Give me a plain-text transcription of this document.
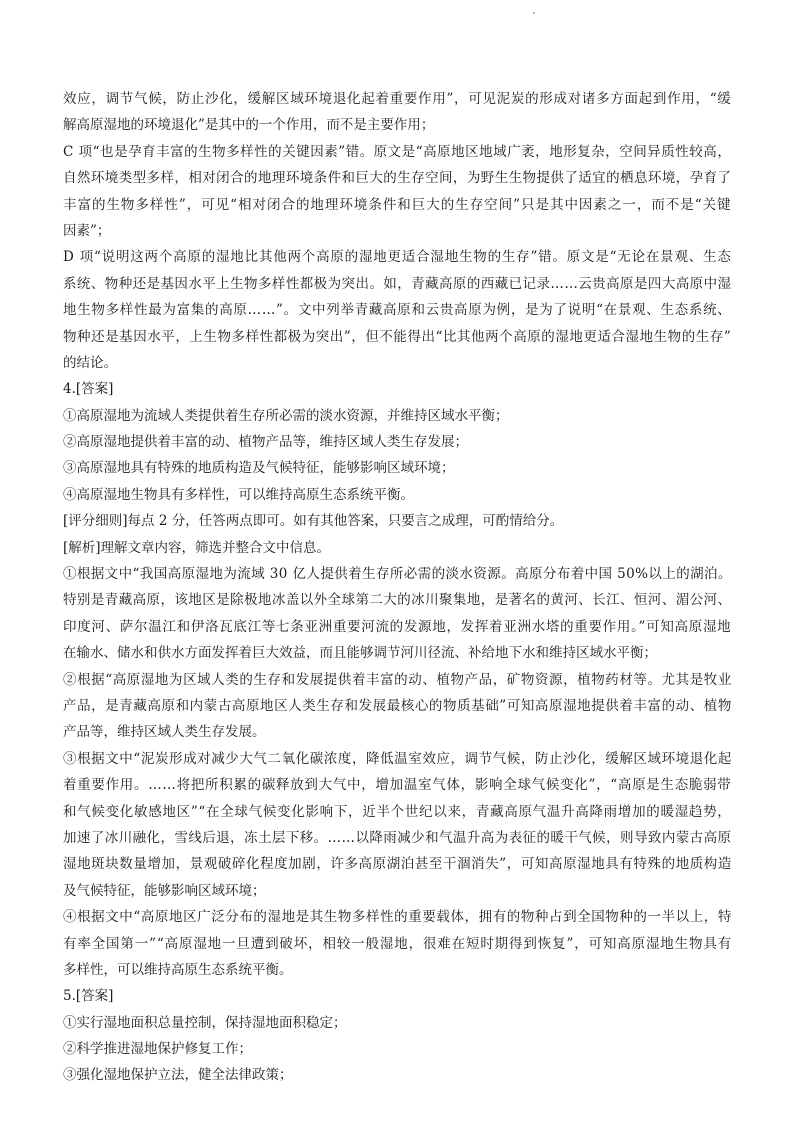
效应，调节气候，防止沙化，缓解区域环境退化起着重要作用”，可见泥炭的形成对诸多方面起到作用，“缓
解高原湿地的环境退化”是其中的一个作用，而不是主要作用；
C 项“也是孕育丰富的生物多样性的关键因素”错。原文是“高原地区地域广袤，地形复杂，空间异质性较高，
自然环境类型多样，相对闭合的地理环境条件和巨大的生存空间，为野生生物提供了适宜的栖息环境，孕育了
丰富的生物多样性”，可见“相对闭合的地理环境条件和巨大的生存空间”只是其中因素之一，而不是“关键
因素”；
D 项“说明这两个高原的湿地比其他两个高原的湿地更适合湿地生物的生存”错。原文是“无论在景观、生态
系统、物种还是基因水平上生物多样性都极为突出。如，青藏高原的西藏已记录……云贵高原是四大高原中湿
地生物多样性最为富集的高原……”。文中列举青藏高原和云贵高原为例，是为了说明“在景观、生态系统、
物种还是基因水平，上生物多样性都极为突出”，但不能得出“比其他两个高原的湿地更适合湿地生物的生存”
的结论。
4.[答案]
①高原湿地为流域人类提供着生存所必需的淡水资源，并维持区域水平衡；
②高原湿地提供着丰富的动、植物产品等，维持区域人类生存发展；
③高原湿地具有特殊的地质构造及气候特征，能够影响区域环境；
④高原湿地生物具有多样性，可以维持高原生态系统平衡。
[评分细则]每点 2 分，任答两点即可。如有其他答案，只要言之成理，可酌情给分。
[解析]理解文章内容，筛选并整合文中信息。
①根据文中“我国高原湿地为流域 30 亿人提供着生存所必需的淡水资源。高原分布着中国 50%以上的湖泊。
特别是青藏高原，该地区是除极地冰盖以外全球第二大的冰川聚集地，是著名的黄河、长江、恒河、湄公河、
印度河、萨尔温江和伊洛瓦底江等七条亚洲重要河流的发源地，发挥着亚洲水塔的重要作用。”可知高原湿地
在输水、储水和供水方面发挥着巨大效益，而且能够调节河川径流、补给地下水和维持区域水平衡；
②根据“高原湿地为区域人类的生存和发展提供着丰富的动、植物产品，矿物资源，植物药材等。尤其是牧业
产品，是青藏高原和内蒙古高原地区人类生存和发展最核心的物质基础”可知高原湿地提供着丰富的动、植物
产品等，维持区域人类生存发展。
③根据文中“泥炭形成对减少大气二氧化碳浓度，降低温室效应，调节气候，防止沙化，缓解区域环境退化起
着重要作用。……将把所积累的碳释放到大气中，增加温室气体，影响全球气候变化”，“高原是生态脆弱带
和气候变化敏感地区”“在全球气候变化影响下，近半个世纪以来，青藏高原气温升高降雨增加的暖湿趋势，
加速了冰川融化，雪线后退，冻土层下移。……以降雨减少和气温升高为表征的暖干气候，则导致内蒙古高原
湿地斑块数量增加，景观破碎化程度加剧，许多高原湖泊甚至干涸消失”，可知高原湿地具有特殊的地质构造
及气候特征，能够影响区域环境；
④根据文中“高原地区广泛分布的湿地是其生物多样性的重要载体，拥有的物种占到全国物种的一半以上，特
有率全国第一”“高原湿地一旦遭到破坏，相较一般湿地，很难在短时期得到恢复”，可知高原湿地生物具有
多样性，可以维持高原生态系统平衡。
5.[答案]
①实行湿地面积总量控制，保持湿地面积稳定；
②科学推进湿地保护修复工作；
③强化湿地保护立法，健全法律政策；
